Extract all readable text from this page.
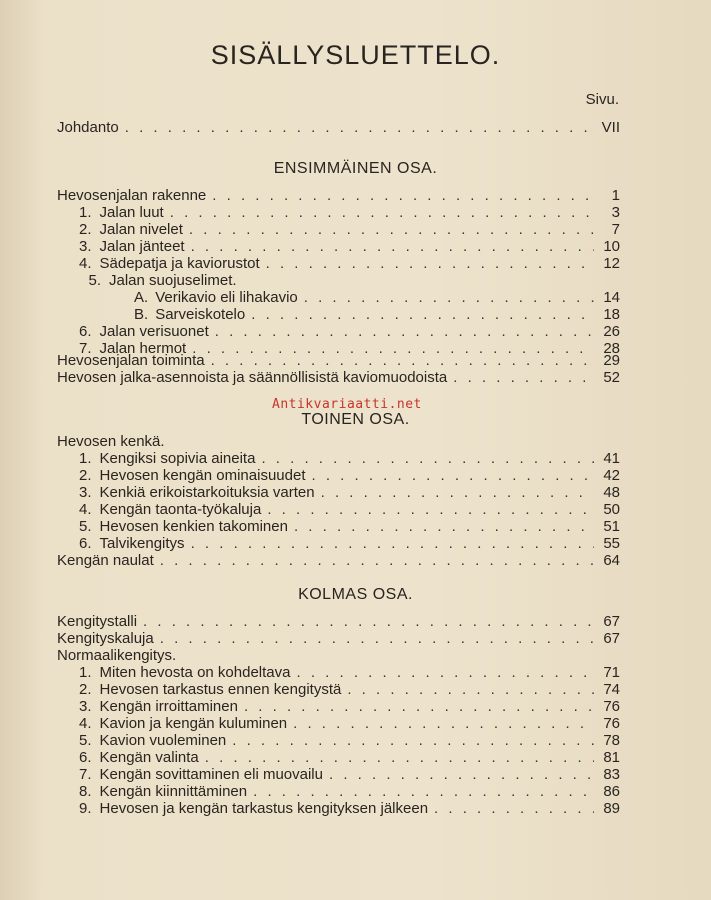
SISÄLLYSLUETTELO.
Sivu.
Johdanto . . .	VII
ENSIMMÄINEN OSA.
Hevosenjalan rakenne . . .	1
1. Jalan luut . . .	3
2. Jalan nivelet . . .	7
3. Jalan jänteet . . .	10
4. Sädepatja ja kaviorustot . . .	12
5. Jalan suojuselimet.
A. Verikavio eli lihakavio . . .	14
B. Sarveiskotelo . . .	18
6. Jalan verisuonet . . .	26
7. Jalan hermot . . .	28
Hevosenjalan toiminta . . .	29
Hevosen jalka-asennoista ja säännöllisistä kaviomuodoista . . .	52
Antikvariaatti.net
TOINEN OSA.
Hevosen kenkä.
1. Kengiksi sopivia aineita . . .	41
2. Hevosen kengän ominaisuudet . . .	42
3. Kenkiä erikoistarkoituksia varten . . .	48
4. Kengän taonta-työkaluja . . .	50
5. Hevosen kenkien takominen . . .	51
6. Talvikengitys . . .	55
Kengän naulat . . .	64
KOLMAS OSA.
Kengitystalli . . .	67
Kengityskaluja . . .	67
Normaalikengitys.
1. Miten hevosta on kohdeltava . . .	71
2. Hevosen tarkastus ennen kengitystä . . .	74
3. Kengän irroittaminen . . .	76
4. Kavion ja kengän kuluminen . . .	76
5. Kavion vuoleminen . . .	78
6. Kengän valinta . . .	81
7. Kengän sovittaminen eli muovailu . . .	83
8. Kengän kiinnittäminen . . .	86
9. Hevosen ja kengän tarkastus kengityksen jälkeen . . .	89
